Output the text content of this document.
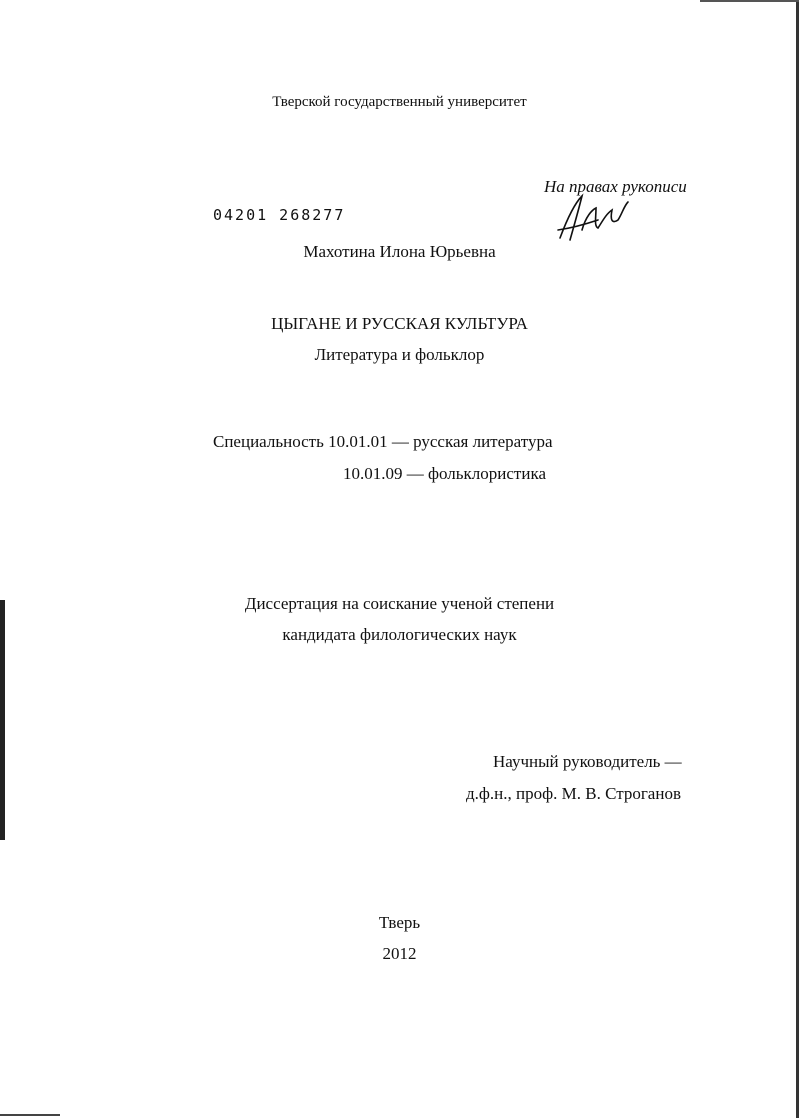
Тверской государственный университет
На правах рукописи
04201 268277
Махотина Илона Юрьевна
ЦЫГАНЕ И РУССКАЯ КУЛЬТУРА
Литература и фольклор
Специальность 10.01.01 — русская литература
10.01.09 — фольклористика
Диссертация на соискание ученой степени
кандидата филологических наук
Научный руководитель —
д.ф.н., проф. М. В. Строганов
Тверь
2012
